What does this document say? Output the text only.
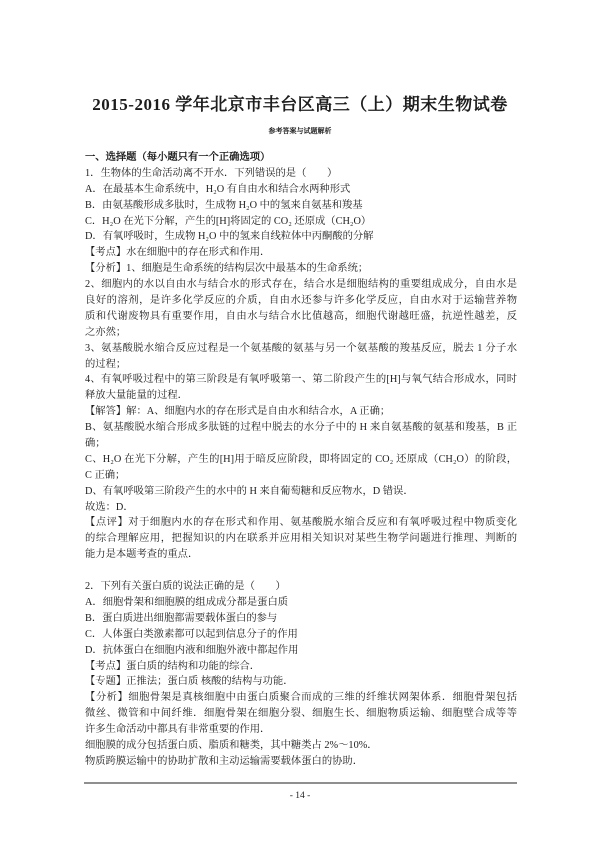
2015-2016 学年北京市丰台区高三（上）期末生物试卷
参考答案与试题解析
一、选择题（每小题只有一个正确选项）
1．生物体的生命活动离不开水．下列错误的是（　　）
A．在最基本生命系统中，H₂O 有自由水和结合水两种形式
B．由氨基酸形成多肽时，生成物 H₂O 中的氢来自氨基和羧基
C．H₂O 在光下分解，产生的[H]将固定的 CO₂ 还原成（CH₂O）
D．有氧呼吸时，生成物 H₂O 中的氢来自线粒体中丙酮酸的分解
【考点】水在细胞中的存在形式和作用．
【分析】1、细胞是生命系统的结构层次中最基本的生命系统；
2、细胞内的水以自由水与结合水的形式存在，结合水是细胞结构的重要组成成分，自由水是
良好的溶剂，是许多化学反应的介质，自由水还参与许多化学反应，自由水对于运输营养物
质和代谢废物具有重要作用，自由水与结合水比值越高，细胞代谢越旺盛，抗逆性越差，反
之亦然；
3、氨基酸脱水缩合反应过程是一个氨基酸的氨基与另一个氨基酸的羧基反应，脱去 1 分子水
的过程；
4、有氧呼吸过程中的第三阶段是有氧呼吸第一、第二阶段产生的[H]与氧气结合形成水，同时
释放大量能量的过程．
【解答】解：A、细胞内水的存在形式是自由水和结合水，A 正确；
B、氨基酸脱水缩合形成多肽链的过程中脱去的水分子中的 H 来自氨基酸的氨基和羧基，B 正
确；
C、H₂O 在光下分解，产生的[H]用于暗反应阶段，即将固定的 CO₂ 还原成（CH₂O）的阶段，
C 正确；
D、有氧呼吸第三阶段产生的水中的 H 来自葡萄糖和反应物水，D 错误．
故选：D．
【点评】对于细胞内水的存在形式和作用、氨基酸脱水缩合反应和有氧呼吸过程中物质变化
的综合理解应用，把握知识的内在联系并应用相关知识对某些生物学问题进行推理、判断的
能力是本题考查的重点．
2．下列有关蛋白质的说法正确的是（　　）
A．细胞骨架和细胞膜的组成成分都是蛋白质
B．蛋白质进出细胞都需要载体蛋白的参与
C．人体蛋白类激素都可以起到信息分子的作用
D．抗体蛋白在细胞内液和细胞外液中都起作用
【考点】蛋白质的结构和功能的综合．
【专题】正推法；蛋白质 核酸的结构与功能．
【分析】细胞骨架是真核细胞中由蛋白质聚合而成的三维的纤维状网架体系．细胞骨架包括
微丝、微管和中间纤维．细胞骨架在细胞分裂、细胞生长、细胞物质运输、细胞壁合成等等
许多生命活动中都具有非常重要的作用．
细胞膜的成分包括蛋白质、脂质和糖类，其中糖类占 2%～10%．
物质跨膜运输中的协助扩散和主动运输需要载体蛋白的协助．
- 14 -
